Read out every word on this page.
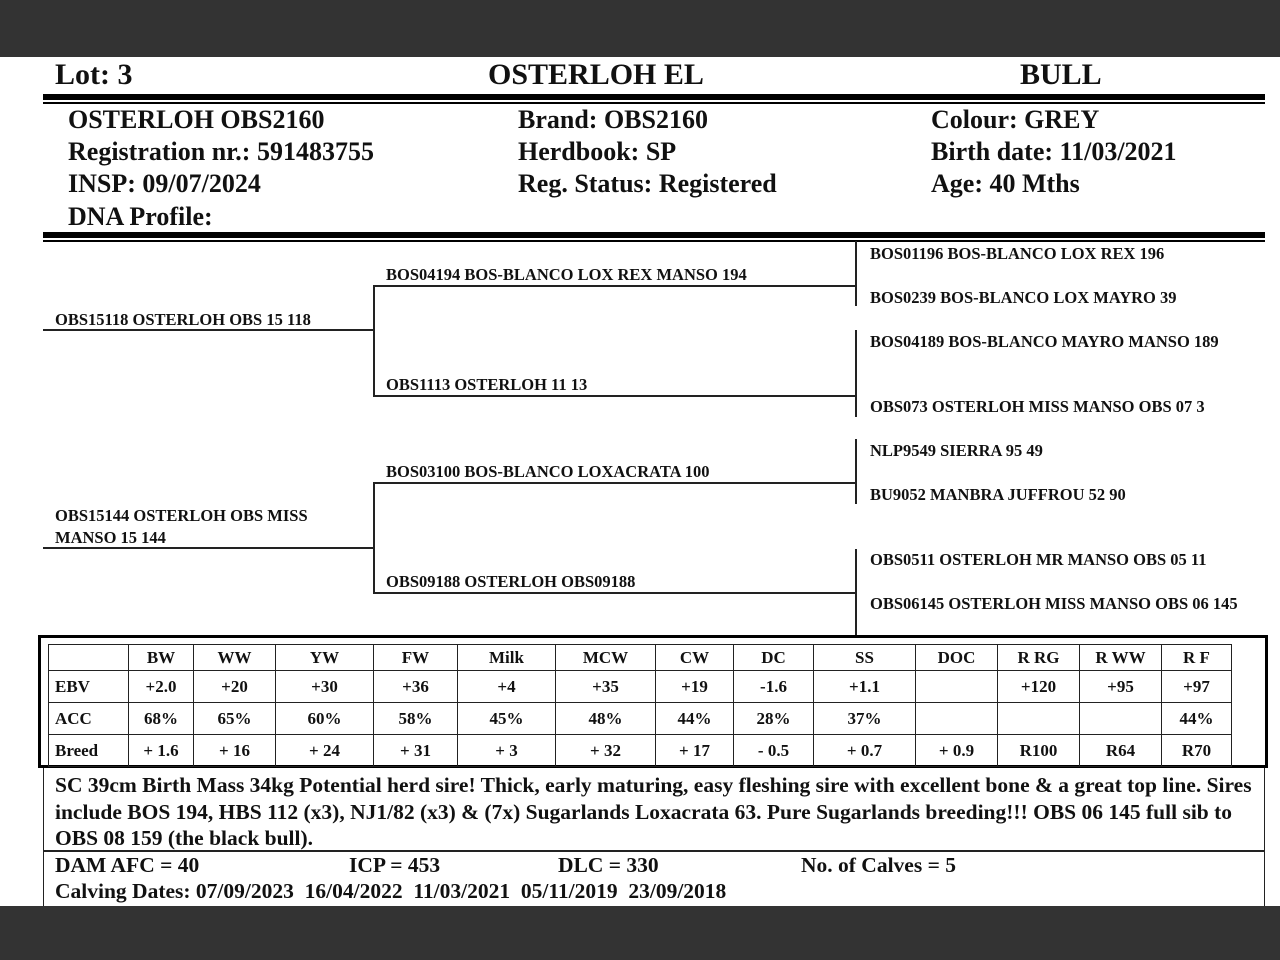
Lot: 3	OSTERLOH EL	BULL
OSTERLOH OBS2160
Registration nr.: 591483755
INSP: 09/07/2024
DNA Profile:
Brand: OBS2160
Herdbook: SP
Reg. Status: Registered
Colour: GREY
Birth date: 11/03/2021
Age: 40 Mths
OBS15118 OSTERLOH OBS 15 118
OBS15144 OSTERLOH OBS MISS MANSO 15 144
BOS04194 BOS-BLANCO LOX REX MANSO 194
OBS1113 OSTERLOH 11 13
BOS03100 BOS-BLANCO LOXACRATA 100
OBS09188 OSTERLOH OBS09188
BOS01196 BOS-BLANCO LOX REX 196
BOS0239 BOS-BLANCO LOX MAYRO 39
BOS04189 BOS-BLANCO MAYRO MANSO 189
OBS073 OSTERLOH MISS MANSO OBS 07 3
NLP9549 SIERRA 95 49
BU9052 MANBRA JUFFROU 52 90
OBS0511 OSTERLOH MR MANSO OBS 05 11
OBS06145 OSTERLOH MISS MANSO OBS 06 145
	BW	WW	YW	FW	Milk	MCW	CW	DC	SS	DOC	R RG	R WW	R F
EBV	+2.0	+20	+30	+36	+4	+35	+19	-1.6	+1.1		+120	+95	+97
ACC	68%	65%	60%	58%	45%	48%	44%	28%	37%				44%
Breed	+ 1.6	+ 16	+ 24	+ 31	+ 3	+ 32	+ 17	- 0.5	+ 0.7	+ 0.9	R100	R64	R70
SC 39cm Birth Mass 34kg Potential herd sire! Thick, early maturing, easy fleshing sire with excellent bone & a great top line. Sires include BOS 194, HBS 112 (x3), NJ1/82 (x3) & (7x) Sugarlands Loxacrata 63. Pure Sugarlands breeding!!! OBS 06 145 full sib to OBS 08 159 (the black bull).
DAM AFC = 40	ICP = 453	DLC = 330	No. of Calves = 5
Calving Dates: 07/09/2023  16/04/2022  11/03/2021  05/11/2019  23/09/2018
